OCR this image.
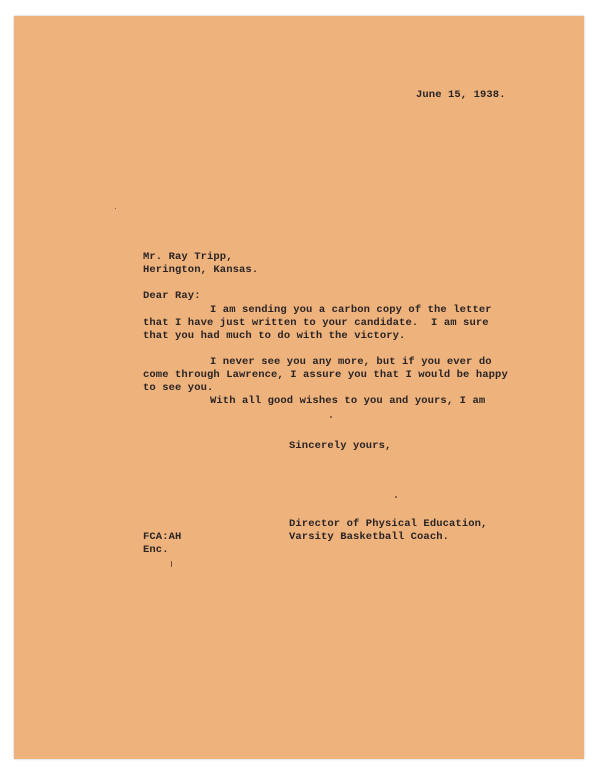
June 15, 1938.
Mr. Ray Tripp,
Herington, Kansas.
Dear Ray:
I am sending you a carbon copy of the letter
that I have just written to your candidate.  I am sure
that you had much to do with the victory.
I never see you any more, but if you ever do
come through Lawrence, I assure you that I would be happy
to see you.
With all good wishes to you and yours, I am
Sincerely yours,
Director of Physical Education,
Varsity Basketball Coach.
FCA:AH
Enc.
